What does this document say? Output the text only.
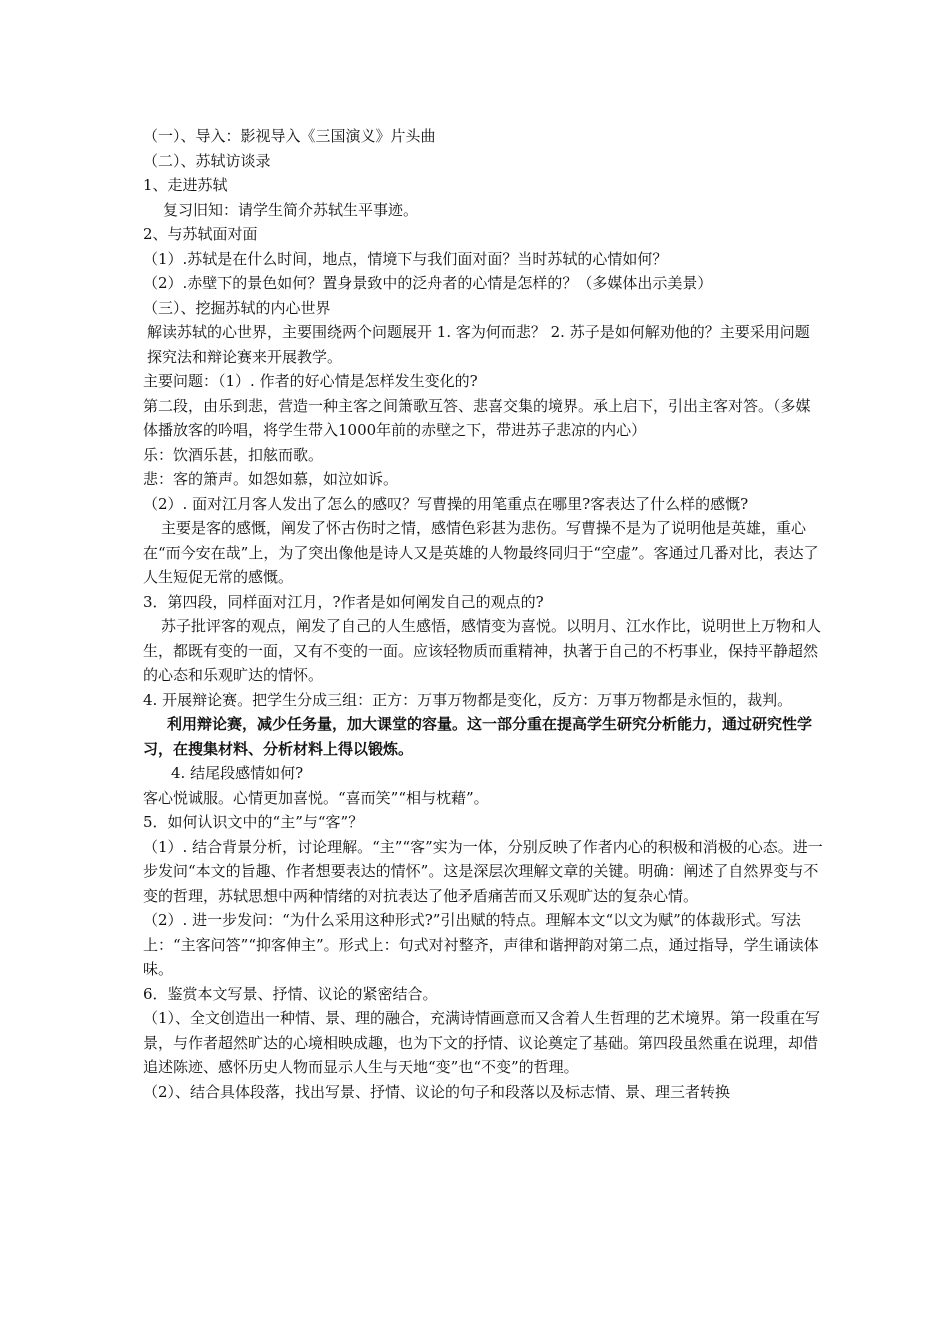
（一）、导入：影视导入《三国演义》片头曲

（二）、苏轼访谈录

1、走进苏轼

复习旧知：请学生简介苏轼生平事迹。

2、与苏轼面对面

（1）.苏轼是在什么时间，地点，情境下与我们面对面？当时苏轼的心情如何？

（2）.赤壁下的景色如何？置身景致中的泛舟者的心情是怎样的？（多媒体出示美景）

（三）、挖掘苏轼的内心世界

解读苏轼的心世界，主要围绕两个问题展开 1. 客为何而悲？ 2. 苏子是如何解劝他的？主要采用问题探究法和辩论赛来开展教学。

主要问题：（1）. 作者的好心情是怎样发生变化的?

第二段，由乐到悲，营造一种主客之间箫歌互答、悲喜交集的境界。承上启下，引出主客对答。（多媒体播放客的吟唱，将学生带入1000年前的赤壁之下，带进苏子悲凉的内心）

乐：饮酒乐甚，扣舷而歌。

悲：客的箫声。如怨如慕，如泣如诉。

（2）. 面对江月客人发出了怎么的感叹？写曹操的用笔重点在哪里?客表达了什么样的感慨?

主要是客的感慨，阐发了怀古伤时之情，感情色彩甚为悲伤。写曹操不是为了说明他是英雄，重心在“而今安在哉”上，为了突出像他是诗人又是英雄的人物最终同归于“空虚”。客通过几番对比，表达了人生短促无常的感慨。

3．第四段，同样面对江月，?作者是如何阐发自己的观点的?

苏子批评客的观点，阐发了自己的人生感悟，感情变为喜悦。以明月、江水作比，说明世上万物和人生，都既有变的一面，又有不变的一面。应该轻物质而重精神，执著于自己的不朽事业，保持平静超然的心态和乐观旷达的情怀。

4. 开展辩论赛。把学生分成三组：正方：万事万物都是变化，反方：万事万物都是永恒的，裁判。

利用辩论赛，减少任务量，加大课堂的容量。这一部分重在提高学生研究分析能力，通过研究性学习，在搜集材料、分析材料上得以锻炼。

4. 结尾段感情如何?

客心悦诚服。心情更加喜悦。“喜而笑”“相与枕藉”。

5．如何认识文中的“主”与“客”？

（1）. 结合背景分析，讨论理解。“主”“客”实为一体，分别反映了作者内心的积极和消极的心态。进一步发问“本文的旨趣、作者想要表达的情怀”。这是深层次理解文章的关键。明确：阐述了自然界变与不变的哲理，苏轼思想中两种情绪的对抗表达了他矛盾痛苦而又乐观旷达的复杂心情。

（2）. 进一步发问：“为什么采用这种形式?”引出赋的特点。理解本文“以文为赋”的体裁形式。写法上：“主客问答”“抑客伸主”。形式上：句式对衬整齐，声律和谐押韵对第二点，通过指导，学生诵读体味。

6．鉴赏本文写景、抒情、议论的紧密结合。

（1）、全文创造出一种情、景、理的融合，充满诗情画意而又含着人生哲理的艺术境界。第一段重在写景，与作者超然旷达的心境相映成趣，也为下文的抒情、议论奠定了基础。第四段虽然重在说理，却借追述陈迹、感怀历史人物而显示人生与天地“变”也“不变”的哲理。

（2）、结合具体段落，找出写景、抒情、议论的句子和段落以及标志情、景、理三者转换
